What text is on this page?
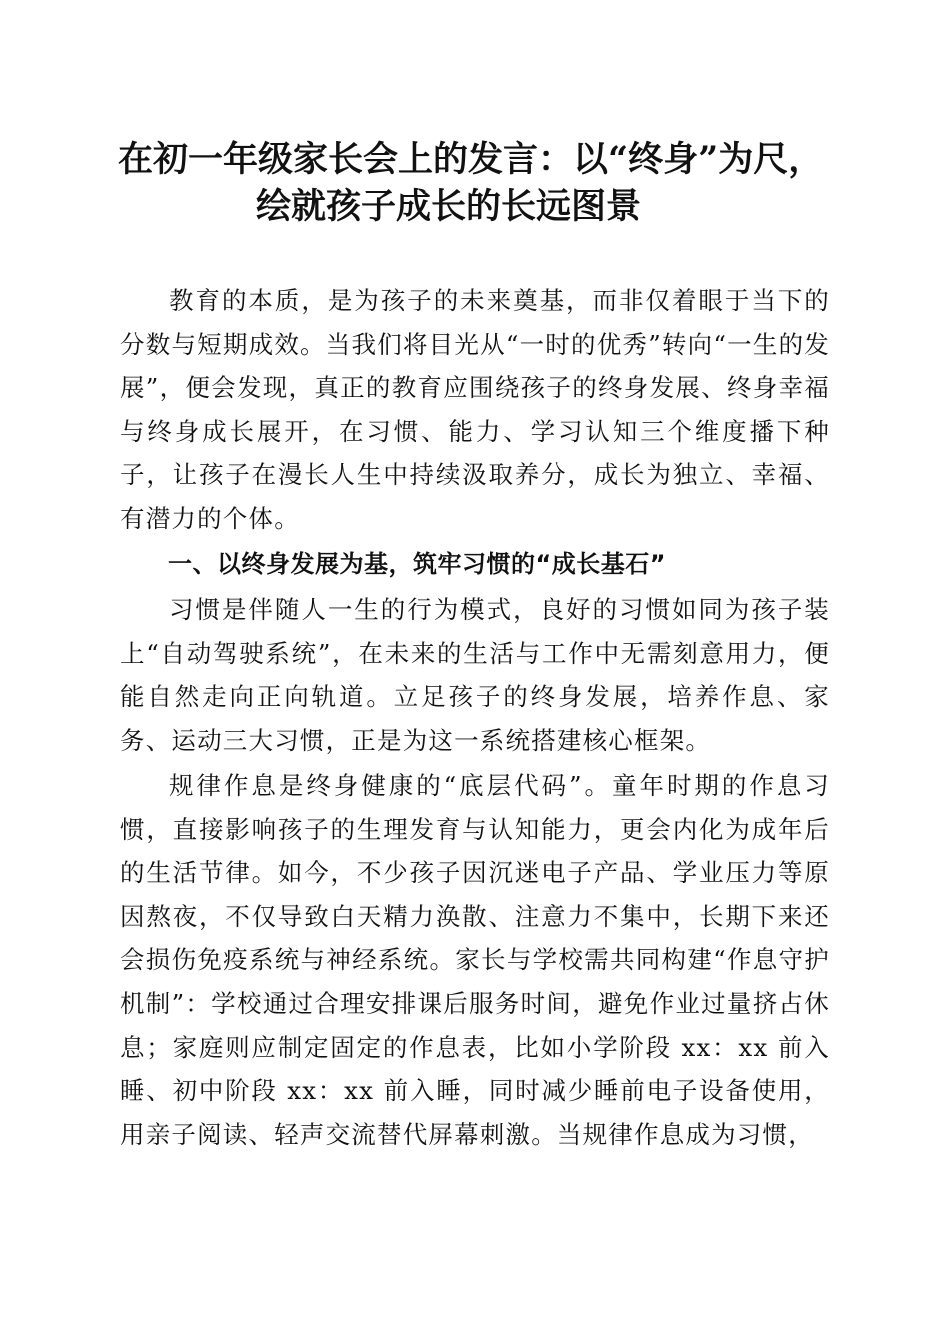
在初一年级家长会上的发言：以“终身”为尺，
绘就孩子成长的长远图景

教育的本质，是为孩子的未来奠基，而非仅着眼于当下的分数与短期成效。当我们将目光从“一时的优秀”转向“一生的发展”，便会发现，真正的教育应围绕孩子的终身发展、终身幸福与终身成长展开，在习惯、能力、学习认知三个维度播下种子，让孩子在漫长人生中持续汲取养分，成长为独立、幸福、有潜力的个体。

一、以终身发展为基，筑牢习惯的“成长基石”

习惯是伴随人一生的行为模式，良好的习惯如同为孩子装上“自动驾驶系统”，在未来的生活与工作中无需刻意用力，便能自然走向正向轨道。立足孩子的终身发展，培养作息、家务、运动三大习惯，正是为这一系统搭建核心框架。

规律作息是终身健康的“底层代码”。童年时期的作息习惯，直接影响孩子的生理发育与认知能力，更会内化为成年后的生活节律。如今，不少孩子因沉迷电子产品、学业压力等原因熬夜，不仅导致白天精力涣散、注意力不集中，长期下来还会损伤免疫系统与神经系统。家长与学校需共同构建“作息守护机制”：学校通过合理安排课后服务时间，避免作业过量挤占休息；家庭则应制定固定的作息表，比如小学阶段 xx：xx 前入睡、初中阶段 xx：xx 前入睡，同时减少睡前电子设备使用，用亲子阅读、轻声交流替代屏幕刺激。当规律作息成为习惯，
